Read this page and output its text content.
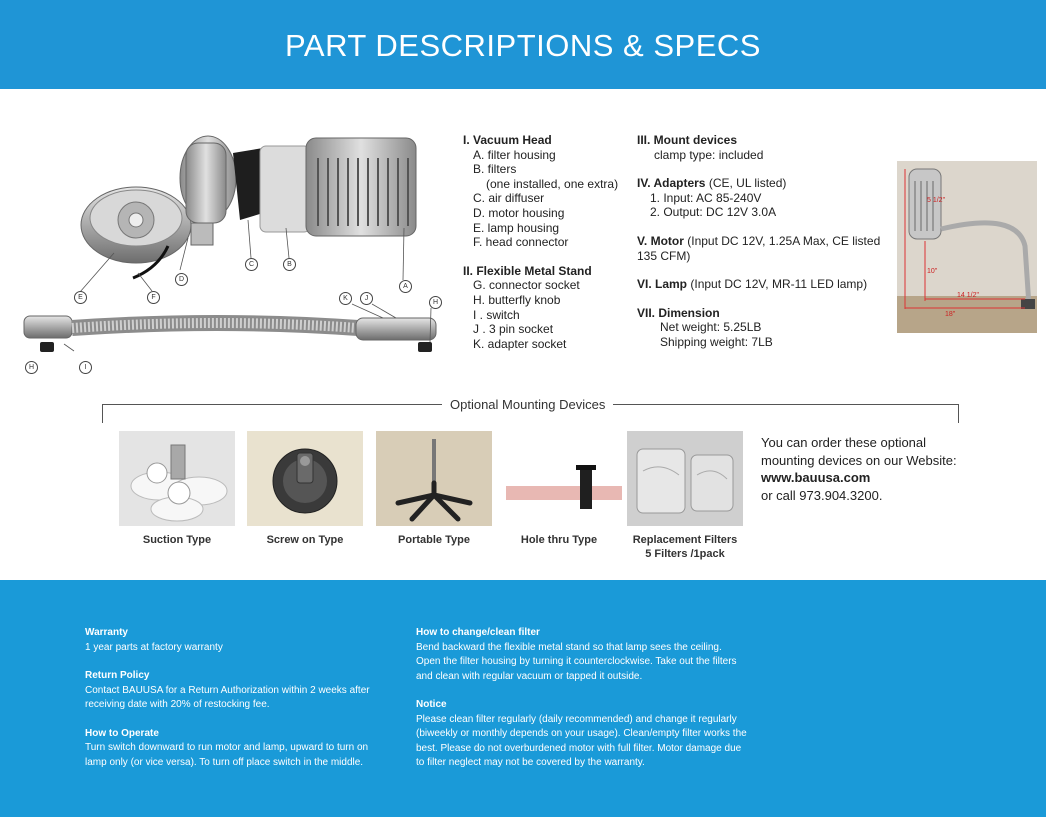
PART DESCRIPTIONS & SPECS
A
B
C
D
E	F
H
H	I
J
K
I. Vacuum Head
A. filter housing
B. filters
(one installed, one extra)
C. air diffuser
D. motor housing
E. lamp housing
F. head connector
II. Flexible Metal Stand
G. connector socket
H. butterfly knob
I . switch
J . 3 pin socket
K. adapter socket
III. Mount devices
clamp type: included
IV. Adapters (CE, UL listed)
1. Input: AC 85-240V
2. Output: DC 12V 3.0A
V. Motor (Input DC 12V, 1.25A Max, CE listed 135 CFM)
VI. Lamp (Input DC 12V, MR-11 LED lamp)
VII. Dimension
Net weight: 5.25LB
Shipping weight: 7LB
5 1/2"
10"
14 1/2"
18"
Optional Mounting Devices
Suction Type	Screw on Type	Portable Type	Hole thru Type	Replacement Filters
5 Filters /1pack
You can order these optional
mounting devices on our Website:
www.bauusa.com
or call 973.904.3200.
Warranty
1 year parts at factory warranty
Return Policy
Contact BAUUSA for a Return Authorization within 2 weeks after
receiving date with 20% of restocking fee.
How to Operate
Turn switch downward to run motor and lamp, upward to turn on
lamp only (or vice versa). To turn off place switch in the middle.
How to change/clean filter
Bend backward the flexible metal stand so that lamp sees the ceiling.
Open the filter housing by turning it counterclockwise. Take out the filters
and clean with regular vacuum or tapped it outside.
Notice
Please clean filter regularly (daily recommended) and change it regularly
(biweekly or monthly depends on your usage). Clean/empty filter works the
best. Please do not overburdened motor with full filter. Motor damage due
to filter neglect may not be covered by the warranty.
